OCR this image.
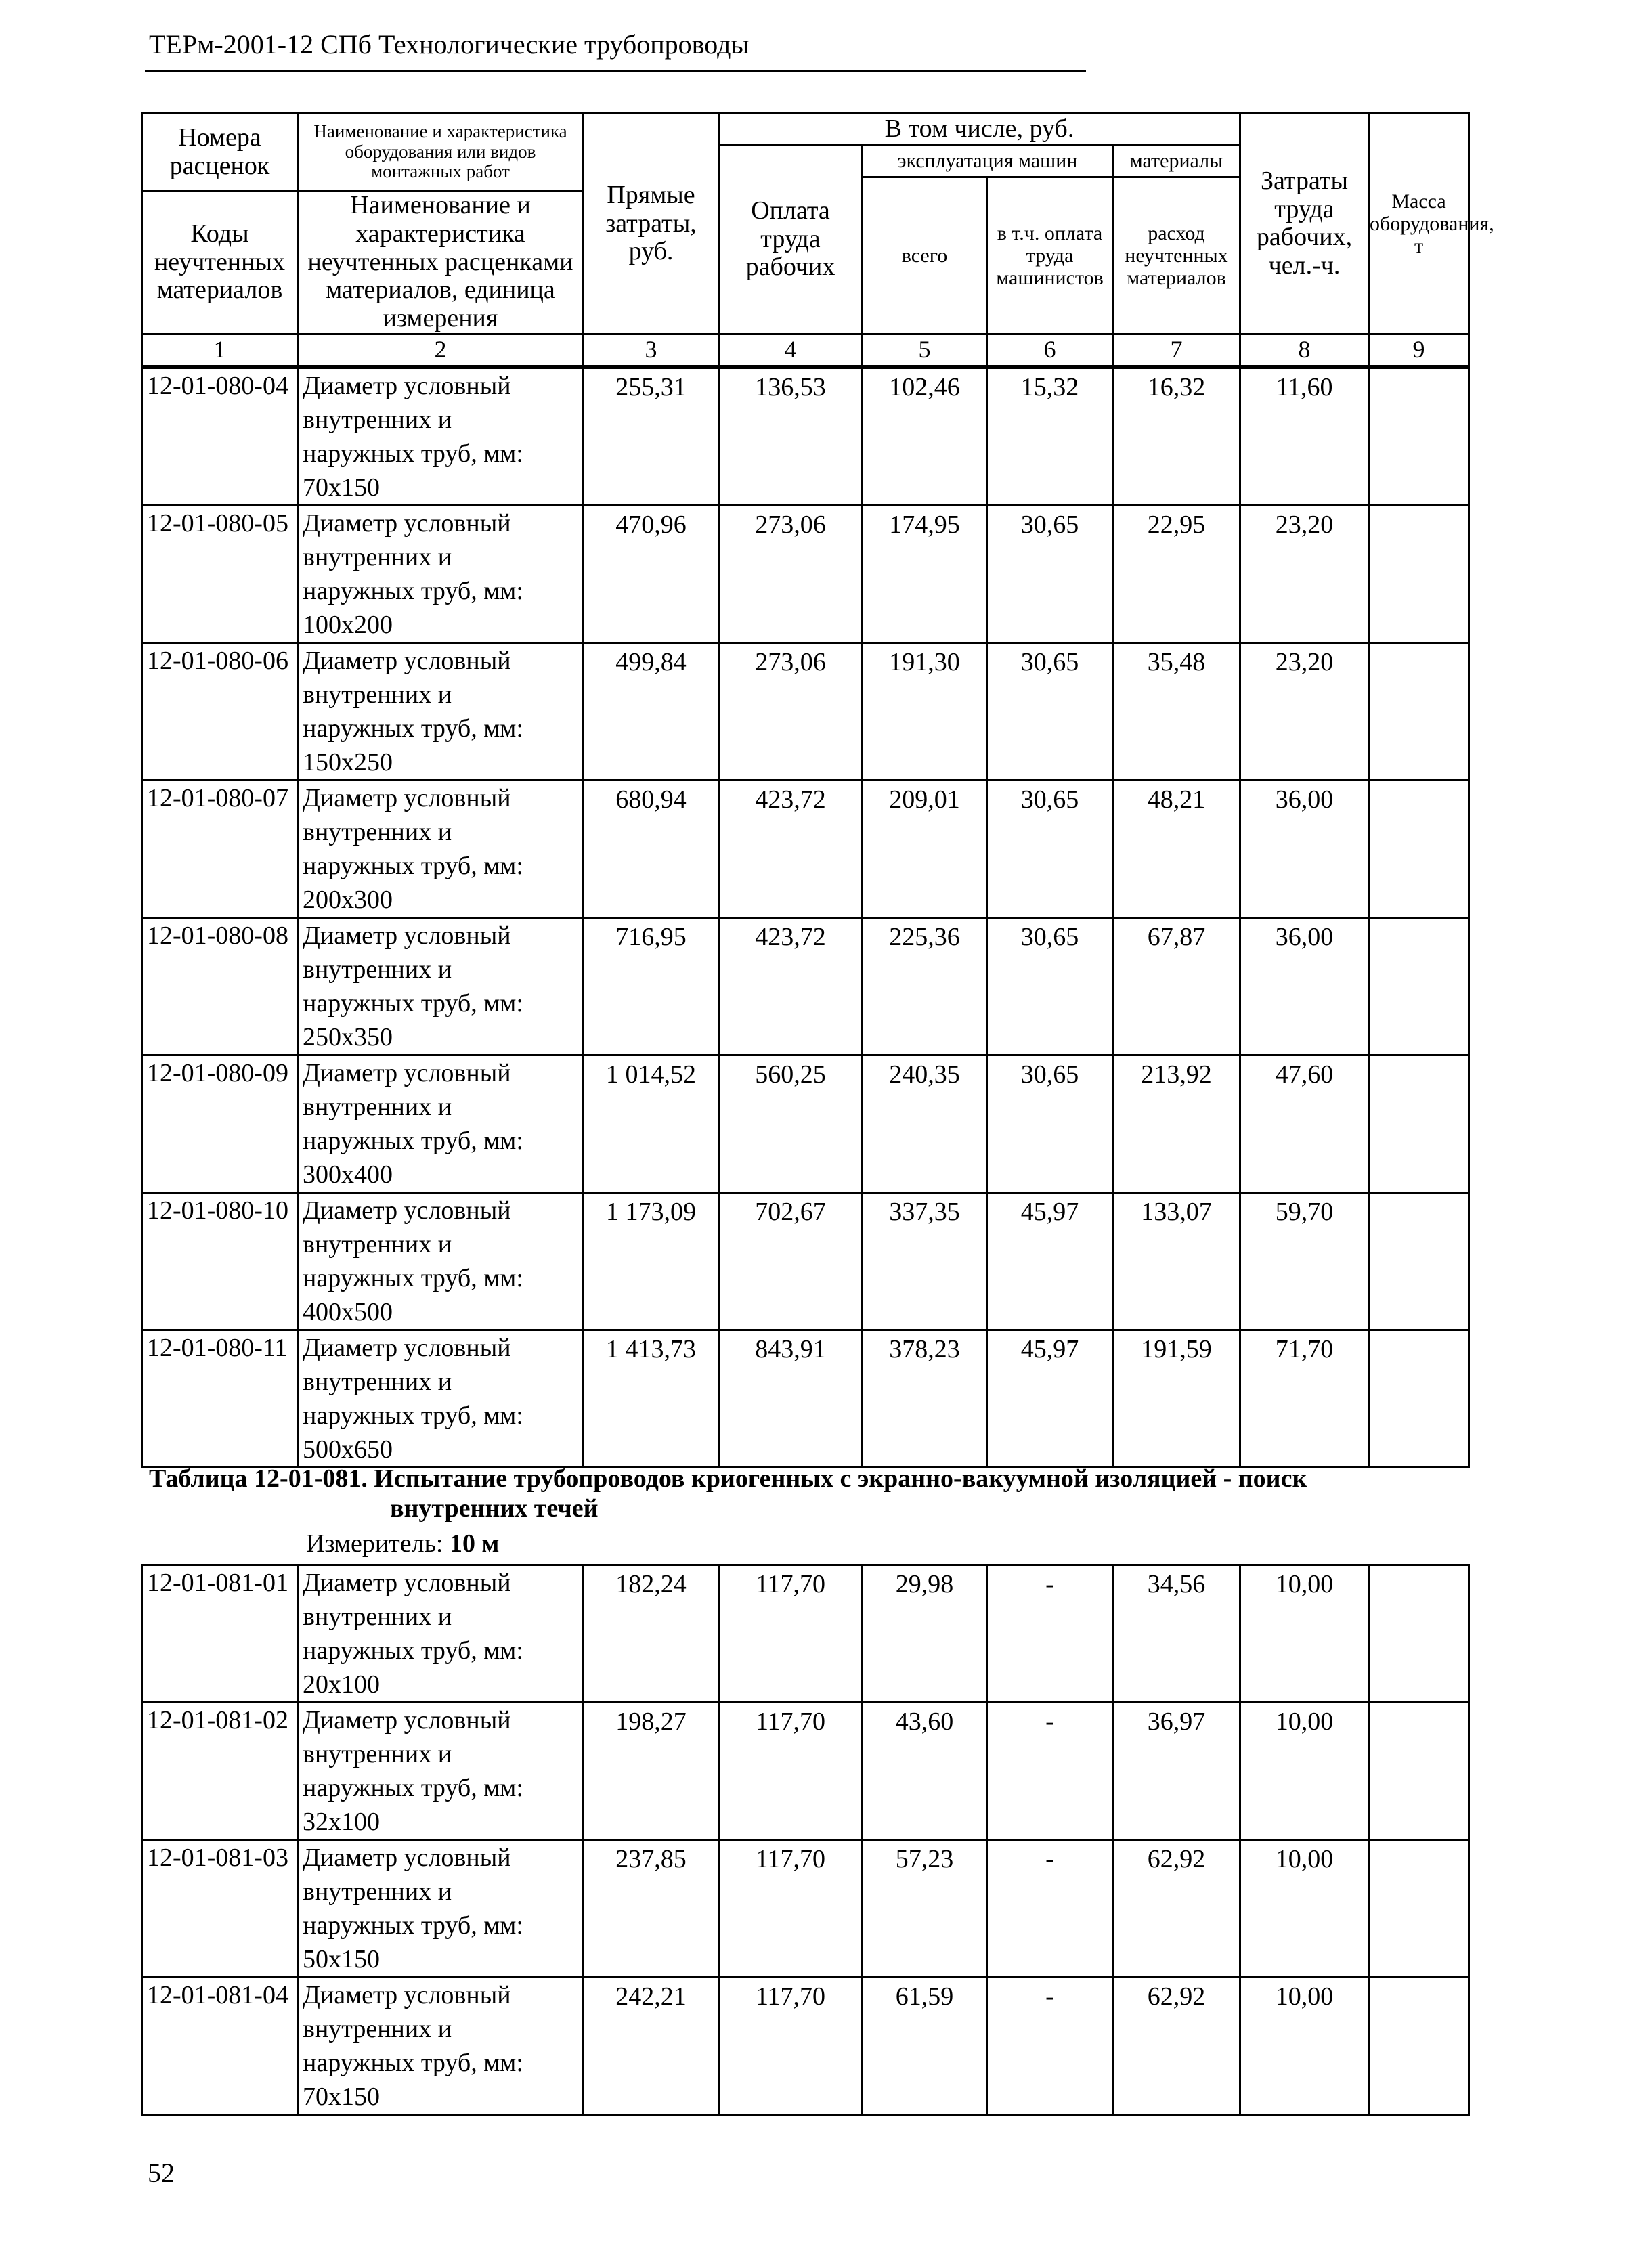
ТЕРм-2001-12 СПб Технологические трубопроводы
Номера расценок	Наименование и характеристика оборудования или видов монтажных работ	Прямые затраты, руб.	В том числе, руб.				Затраты труда рабочих, чел.-ч.	Масса оборудования, т
			Оплата труда рабочих	эксплуатация машин		материалы		
				всего	в т.ч. оплата труда машинистов	расход неучтенных материалов		
Коды неучтенных материалов	Наименование и характеристика неучтенных расценками материалов, единица измерения							

1	2	3	4	5	6	7	8	9
12-01-080-04	Диаметр условный
внутренних и
наружных труб, мм:
70x150	255,31	136,53	102,46	15,32	16,32	11,60	
12-01-080-05	Диаметр условный
внутренних и
наружных труб, мм:
100x200	470,96	273,06	174,95	30,65	22,95	23,20	
12-01-080-06	Диаметр условный
внутренних и
наружных труб, мм:
150x250	499,84	273,06	191,30	30,65	35,48	23,20	
12-01-080-07	Диаметр условный
внутренних и
наружных труб, мм:
200x300	680,94	423,72	209,01	30,65	48,21	36,00	
12-01-080-08	Диаметр условный
внутренних и
наружных труб, мм:
250x350	716,95	423,72	225,36	30,65	67,87	36,00	
12-01-080-09	Диаметр условный
внутренних и
наружных труб, мм:
300x400	1 014,52	560,25	240,35	30,65	213,92	47,60	
12-01-080-10	Диаметр условный
внутренних и
наружных труб, мм:
400x500	1 173,09	702,67	337,35	45,97	133,07	59,70	
12-01-080-11	Диаметр условный
внутренних и
наружных труб, мм:
500x650	1 413,73	843,91	378,23	45,97	191,59	71,70	
Таблица 12-01-081. Испытание трубопроводов криогенных с экранно-вакуумной изоляцией - поиск
внутренних течей
Измеритель: 10 м
12-01-081-01	Диаметр условный
внутренних и
наружных труб, мм:
20x100	182,24	117,70	29,98	-	34,56	10,00	
12-01-081-02	Диаметр условный
внутренних и
наружных труб, мм:
32x100	198,27	117,70	43,60	-	36,97	10,00	
12-01-081-03	Диаметр условный
внутренних и
наружных труб, мм:
50x150	237,85	117,70	57,23	-	62,92	10,00	
12-01-081-04	Диаметр условный
внутренних и
наружных труб, мм:
70x150	242,21	117,70	61,59	-	62,92	10,00	
52
